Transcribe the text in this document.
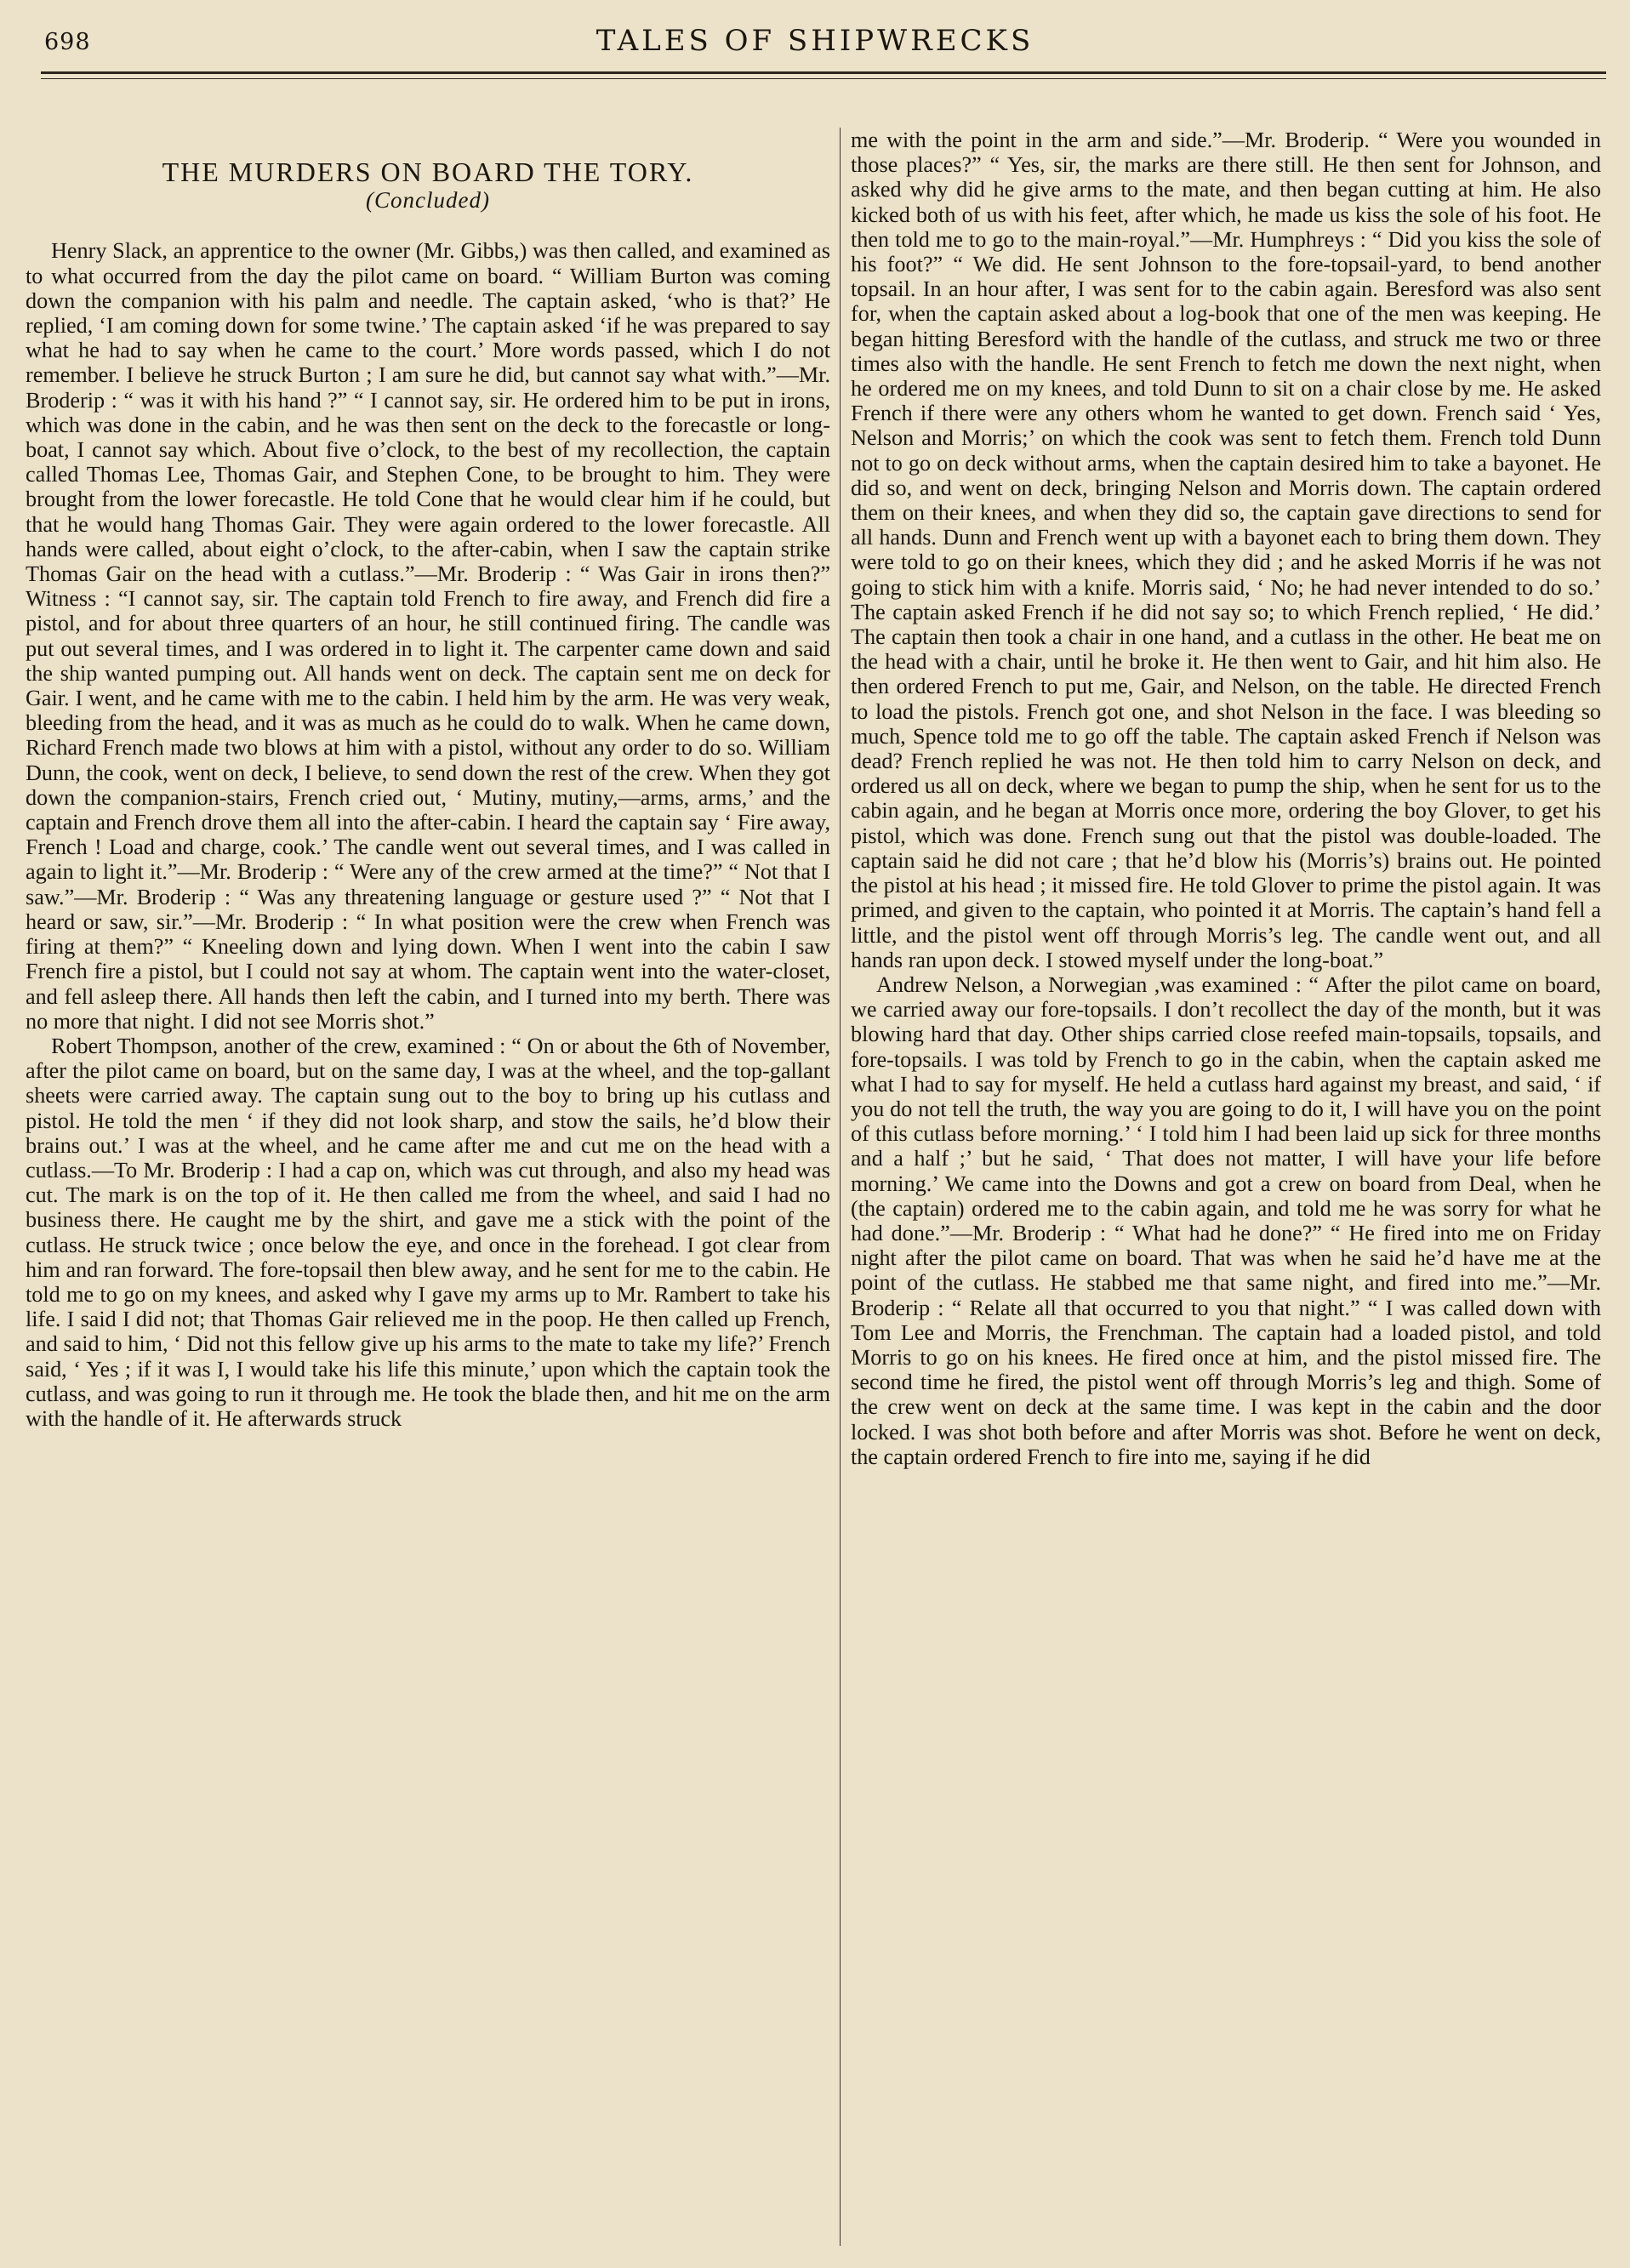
698	TALES OF SHIPWRECKS
THE MURDERS ON BOARD THE TORY.
(Concluded)

Henry Slack, an apprentice to the owner (Mr. Gibbs,) was then called, and examined as to what occurred from the day the pilot came on board. “ William Burton was coming down the companion with his palm and needle. The captain asked, ‘who is that?’ He replied, ‘I am coming down for some twine.’ The captain asked ‘if he was prepared to say what he had to say when he came to the court.’ More words passed, which I do not remember. I believe he struck Burton ; I am sure he did, but cannot say what with.”—Mr. Broderip : “ was it with his hand ?” “ I cannot say, sir. He ordered him to be put in irons, which was done in the cabin, and he was then sent on the deck to the forecastle or long-boat, I cannot say which. About five o’clock, to the best of my recollection, the captain called Thomas Lee, Thomas Gair, and Stephen Cone, to be brought to him. They were brought from the lower forecastle. He told Cone that he would clear him if he could, but that he would hang Thomas Gair. They were again ordered to the lower forecastle. All hands were called, about eight o’clock, to the after-cabin, when I saw the captain strike Thomas Gair on the head with a cutlass.”—Mr. Broderip : “ Was Gair in irons then?” Witness : “I cannot say, sir. The captain told French to fire away, and French did fire a pistol, and for about three quarters of an hour, he still continued firing. The candle was put out several times, and I was ordered in to light it. The carpenter came down and said the ship wanted pumping out. All hands went on deck. The captain sent me on deck for Gair. I went, and he came with me to the cabin. I held him by the arm. He was very weak, bleeding from the head, and it was as much as he could do to walk. When he came down, Richard French made two blows at him with a pistol, without any order to do so. William Dunn, the cook, went on deck, I believe, to send down the rest of the crew. When they got down the companion-stairs, French cried out, ‘ Mutiny, mutiny,—arms, arms,’ and the captain and French drove them all into the after-cabin. I heard the captain say ‘ Fire away, French ! Load and charge, cook.’ The candle went out several times, and I was called in again to light it.”—Mr. Broderip : “ Were any of the crew armed at the time?” “ Not that I saw.”—Mr. Broderip : “ Was any threatening language or gesture used ?” “ Not that I heard or saw, sir.”—Mr. Broderip : “ In what position were the crew when French was firing at them?” “ Kneeling down and lying down. When I went into the cabin I saw French fire a pistol, but I could not say at whom. The captain went into the water-closet, and fell asleep there. All hands then left the cabin, and I turned into my berth. There was no more that night. I did not see Morris shot.”

Robert Thompson, another of the crew, examined : “ On or about the 6th of November, after the pilot came on board, but on the same day, I was at the wheel, and the top-gallant sheets were carried away. The captain sung out to the boy to bring up his cutlass and pistol. He told the men ‘ if they did not look sharp, and stow the sails, he’d blow their brains out.’ I was at the wheel, and he came after me and cut me on the head with a cutlass.—To Mr. Broderip : I had a cap on, which was cut through, and also my head was cut. The mark is on the top of it. He then called me from the wheel, and said I had no business there. He caught me by the shirt, and gave me a stick with the point of the cutlass. He struck twice ; once below the eye, and once in the forehead. I got clear from him and ran forward. The fore-topsail then blew away, and he sent for me to the cabin. He told me to go on my knees, and asked why I gave my arms up to Mr. Rambert to take his life. I said I did not; that Thomas Gair relieved me in the poop. He then called up French, and said to him, ‘ Did not this fellow give up his arms to the mate to take my life?’ French said, ‘ Yes ; if it was I, I would take his life this minute,’ upon which the captain took the cutlass, and was going to run it through me. He took the blade then, and hit me on the arm with the handle of it. He afterwards struck

me with the point in the arm and side.”—Mr. Broderip. “ Were you wounded in those places?” “ Yes, sir, the marks are there still. He then sent for Johnson, and asked why did he give arms to the mate, and then began cutting at him. He also kicked both of us with his feet, after which, he made us kiss the sole of his foot. He then told me to go to the main-royal.”—Mr. Humphreys : “ Did you kiss the sole of his foot?” “ We did. He sent Johnson to the fore-topsail-yard, to bend another topsail. In an hour after, I was sent for to the cabin again. Beresford was also sent for, when the captain asked about a log-book that one of the men was keeping. He began hitting Beresford with the handle of the cutlass, and struck me two or three times also with the handle. He sent French to fetch me down the next night, when he ordered me on my knees, and told Dunn to sit on a chair close by me. He asked French if there were any others whom he wanted to get down. French said ‘ Yes, Nelson and Morris;’ on which the cook was sent to fetch them. French told Dunn not to go on deck without arms, when the captain desired him to take a bayonet. He did so, and went on deck, bringing Nelson and Morris down. The captain ordered them on their knees, and when they did so, the captain gave directions to send for all hands. Dunn and French went up with a bayonet each to bring them down. They were told to go on their knees, which they did ; and he asked Morris if he was not going to stick him with a knife. Morris said, ‘ No; he had never intended to do so.’ The captain asked French if he did not say so; to which French replied, ‘ He did.’ The captain then took a chair in one hand, and a cutlass in the other. He beat me on the head with a chair, until he broke it. He then went to Gair, and hit him also. He then ordered French to put me, Gair, and Nelson, on the table. He directed French to load the pistols. French got one, and shot Nelson in the face. I was bleeding so much, Spence told me to go off the table. The captain asked French if Nelson was dead? French replied he was not. He then told him to carry Nelson on deck, and ordered us all on deck, where we began to pump the ship, when he sent for us to the cabin again, and he began at Morris once more, ordering the boy Glover, to get his pistol, which was done. French sung out that the pistol was double-loaded. The captain said he did not care ; that he’d blow his (Morris’s) brains out. He pointed the pistol at his head ; it missed fire. He told Glover to prime the pistol again. It was primed, and given to the captain, who pointed it at Morris. The captain’s hand fell a little, and the pistol went off through Morris’s leg. The candle went out, and all hands ran upon deck. I stowed myself under the long-boat.”

Andrew Nelson, a Norwegian ,was examined : “ After the pilot came on board, we carried away our fore-topsails. I don’t recollect the day of the month, but it was blowing hard that day. Other ships carried close reefed main-topsails, topsails, and fore-topsails. I was told by French to go in the cabin, when the captain asked me what I had to say for myself. He held a cutlass hard against my breast, and said, ‘ if you do not tell the truth, the way you are going to do it, I will have you on the point of this cutlass before morning.’ ‘ I told him I had been laid up sick for three months and a half ;’ but he said, ‘ That does not matter, I will have your life before morning.’ We came into the Downs and got a crew on board from Deal, when he (the captain) ordered me to the cabin again, and told me he was sorry for what he had done.”—Mr. Broderip : “ What had he done?” “ He fired into me on Friday night after the pilot came on board. That was when he said he’d have me at the point of the cutlass. He stabbed me that same night, and fired into me.”—Mr. Broderip : “ Relate all that occurred to you that night.” “ I was called down with Tom Lee and Morris, the Frenchman. The captain had a loaded pistol, and told Morris to go on his knees. He fired once at him, and the pistol missed fire. The second time he fired, the pistol went off through Morris’s leg and thigh. Some of the crew went on deck at the same time. I was kept in the cabin and the door locked. I was shot both before and after Morris was shot. Before he went on deck, the captain ordered French to fire into me, saying if he did
